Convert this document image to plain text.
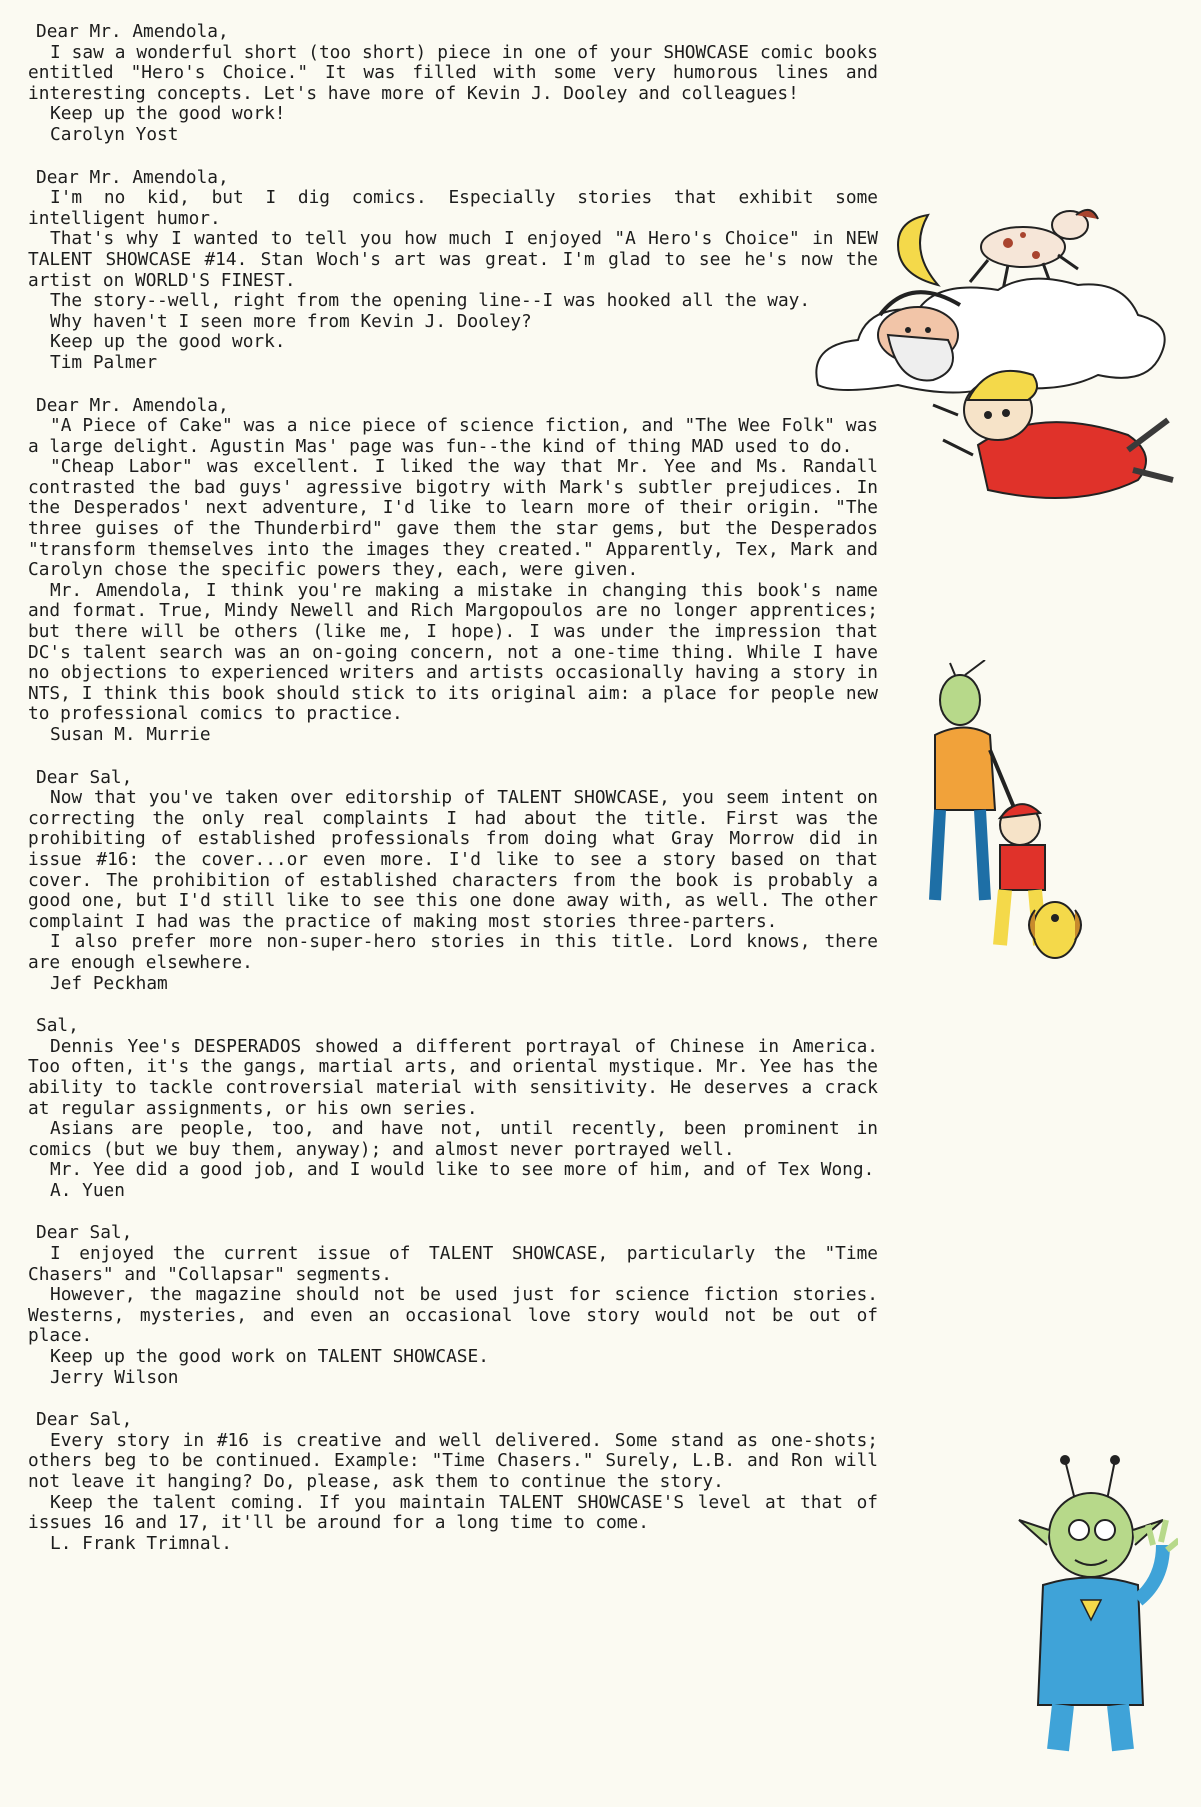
Dear Mr. Amendola,

I saw a wonderful short (too short) piece in one of your SHOWCASE comic books entitled "Hero's Choice." It was filled with some very humorous lines and interesting concepts. Let's have more of Kevin J. Dooley and colleagues!

Keep up the good work!

Carolyn Yost

Dear Mr. Amendola,

I'm no kid, but I dig comics. Especially stories that exhibit some intelligent humor.

That's why I wanted to tell you how much I enjoyed "A Hero's Choice" in NEW TALENT SHOWCASE #14. Stan Woch's art was great. I'm glad to see he's now the artist on WORLD'S FINEST.

The story--well, right from the opening line--I was hooked all the way.

Why haven't I seen more from Kevin J. Dooley?

Keep up the good work.

Tim Palmer

Dear Mr. Amendola,

"A Piece of Cake" was a nice piece of science fiction, and "The Wee Folk" was a large delight. Agustin Mas' page was fun--the kind of thing MAD used to do.

"Cheap Labor" was excellent. I liked the way that Mr. Yee and Ms. Randall contrasted the bad guys' agressive bigotry with Mark's subtler prejudices. In the Desperados' next adventure, I'd like to learn more of their origin. "The three guises of the Thunderbird" gave them the star gems, but the Desperados "transform themselves into the images they created." Apparently, Tex, Mark and Carolyn chose the specific powers they, each, were given.

Mr. Amendola, I think you're making a mistake in changing this book's name and format. True, Mindy Newell and Rich Margopoulos are no longer apprentices; but there will be others (like me, I hope). I was under the impression that DC's talent search was an on-going concern, not a one-time thing. While I have no objections to experienced writers and artists occasionally having a story in NTS, I think this book should stick to its original aim: a place for people new to professional comics to practice.

Susan M. Murrie

Dear Sal,

Now that you've taken over editorship of TALENT SHOWCASE, you seem intent on correcting the only real complaints I had about the title. First was the prohibiting of established professionals from doing what Gray Morrow did in issue #16: the cover...or even more. I'd like to see a story based on that cover. The prohibition of established characters from the book is probably a good one, but I'd still like to see this one done away with, as well. The other complaint I had was the practice of making most stories three-parters.

I also prefer more non-super-hero stories in this title. Lord knows, there are enough elsewhere.

Jef Peckham

Sal,

Dennis Yee's DESPERADOS showed a different portrayal of Chinese in America. Too often, it's the gangs, martial arts, and oriental mystique. Mr. Yee has the ability to tackle controversial material with sensitivity. He deserves a crack at regular assignments, or his own series.

Asians are people, too, and have not, until recently, been prominent in comics (but we buy them, anyway); and almost never portrayed well.

Mr. Yee did a good job, and I would like to see more of him, and of Tex Wong.

A. Yuen

Dear Sal,

I enjoyed the current issue of TALENT SHOWCASE, particularly the "Time Chasers" and "Collapsar" segments.

However, the magazine should not be used just for science fiction stories. Westerns, mysteries, and even an occasional love story would not be out of place.

Keep up the good work on TALENT SHOWCASE.

Jerry Wilson

Dear Sal,

Every story in #16 is creative and well delivered. Some stand as one-shots; others beg to be continued. Example: "Time Chasers." Surely, L.B. and Ron will not leave it hanging? Do, please, ask them to continue the story.

Keep the talent coming. If you maintain TALENT SHOWCASE'S level at that of issues 16 and 17, it'll be around for a long time to come.

L. Frank Trimnal.
